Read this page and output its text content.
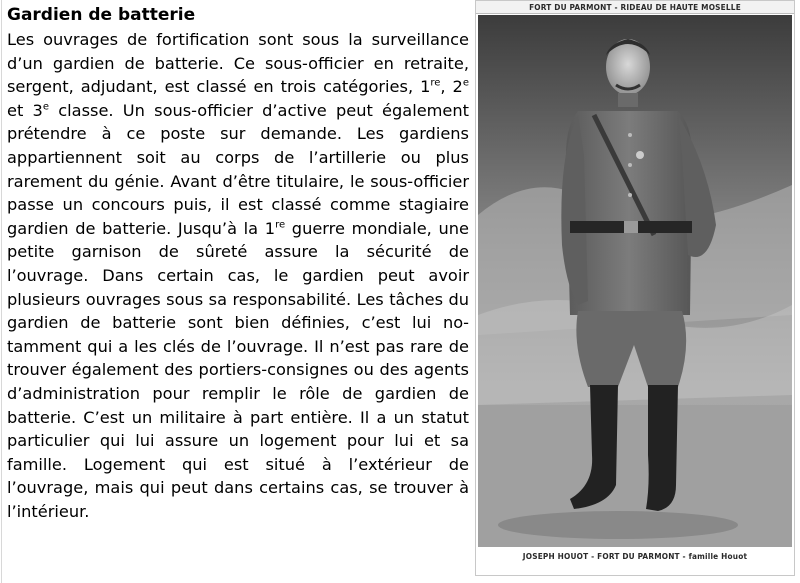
Gardien de batterie

Les ouvrages de fortification sont sous la surveillance d’un gardien de batterie. Ce sous-officier en retraite, sergent, adjudant, est classé en trois catégories, 1re, 2e et 3e classe. Un sous-officier d’active peut également prétendre à ce poste sur demande. Les gardiens appartiennent soit au corps de l’artillerie ou plus rarement du génie. Avant d’être titulaire, le sous-officier passe un concours puis, il est classé comme stagiaire gardien de batterie. Jusqu’à la 1re guerre mondiale, une petite garnison de sûreté assure la sécurité de l’ouvrage. Dans certain cas, le gardien peut avoir plusieurs ouvrages sous sa responsabilité. Les tâches du gardien de batterie sont bien définies, c’est lui notamment qui a les clés de l’ouvrage. Il n’est pas rare de trouver également des portiers-consignes ou des agents d’administration pour remplir le rôle de gardien de batterie. C’est un militaire à part entière. Il a un statut particulier qui lui assure un logement pour lui et sa famille. Logement qui est situé à l’extérieur de l’ouvrage, mais qui peut dans certains cas, se trouver à l’intérieur.

FORT DU PARMONT - RIDEAU DE HAUTE MOSELLE
JOSEPH HOUOT - FORT DU PARMONT - famille Houot
